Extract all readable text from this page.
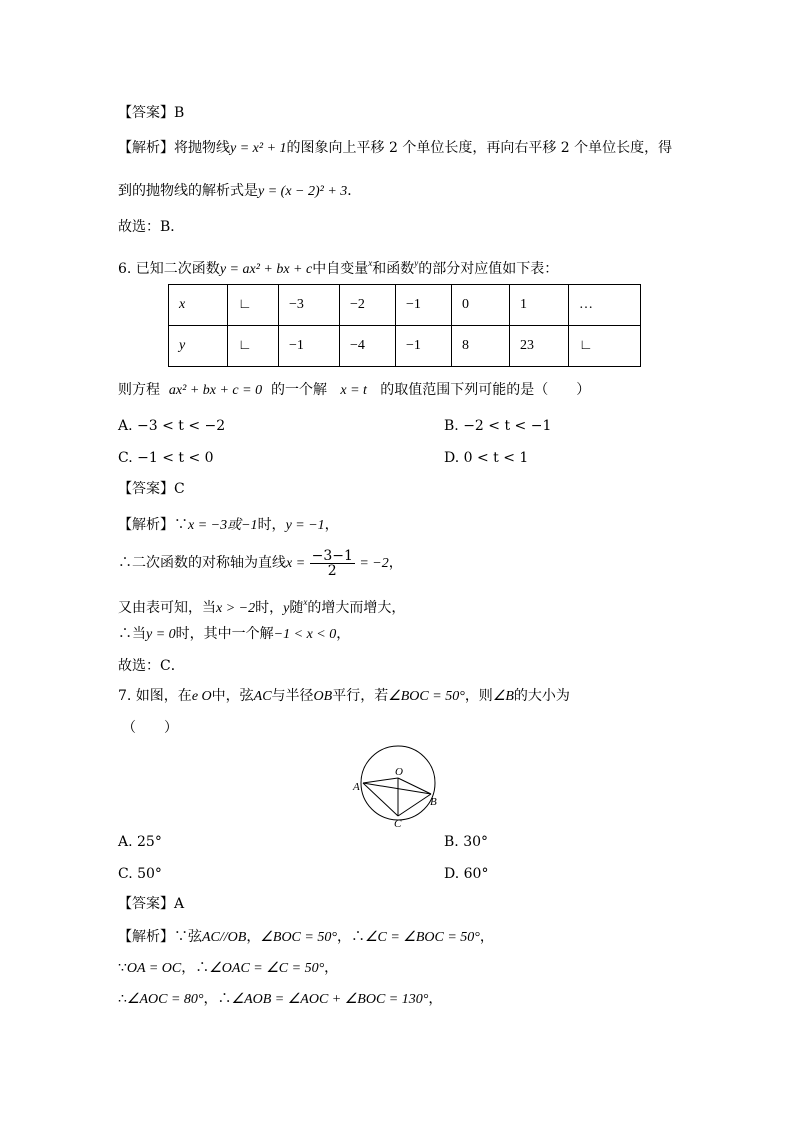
【答案】B
【解析】将抛物线y = x² + 1的图象向上平移 2 个单位长度，再向右平移 2 个单位长度，得
到的抛物线的解析式是y = (x − 2)² + 3．
故选：B．
6. 已知二次函数y = ax² + bx + c中自变量$^x$和函数$^y$的部分对应值如下表：
x	∟	−3	−2	−1	0	1	…
y	∟	−1	−4	−1	8	23	∟
则方程 ax² + bx + c = 0 的一个解 x = t 的取值范围下列可能的是（　　）
A. −3 < t < −2	B. −2 < t < −1
C. −1 < t < 0	D. 0 < t < 1
【答案】C
【解析】∵x = −3或−1时，y = −1，
∴二次函数的对称轴为直线$x = \frac{-3-1}{2} = -2$，
又由表可知，当x > −2时，y随$^x$的增大而增大，
∴当y = 0时，其中一个解−1 < x < 0，
故选：C．
7. 如图，在e O中，弦AC与半径OB平行，若∠BOC = 50°，则∠B的大小为
（　　）
O
A
B
C
A. 25°	B. 30°
C. 50°	D. 60°
【答案】A
【解析】∵弦AC//OB，∠BOC = 50°，∴∠C = ∠BOC = 50°，
∵OA = OC，∴∠OAC = ∠C = 50°，
∴∠AOC = 80°，∴∠AOB = ∠AOC + ∠BOC = 130°，
